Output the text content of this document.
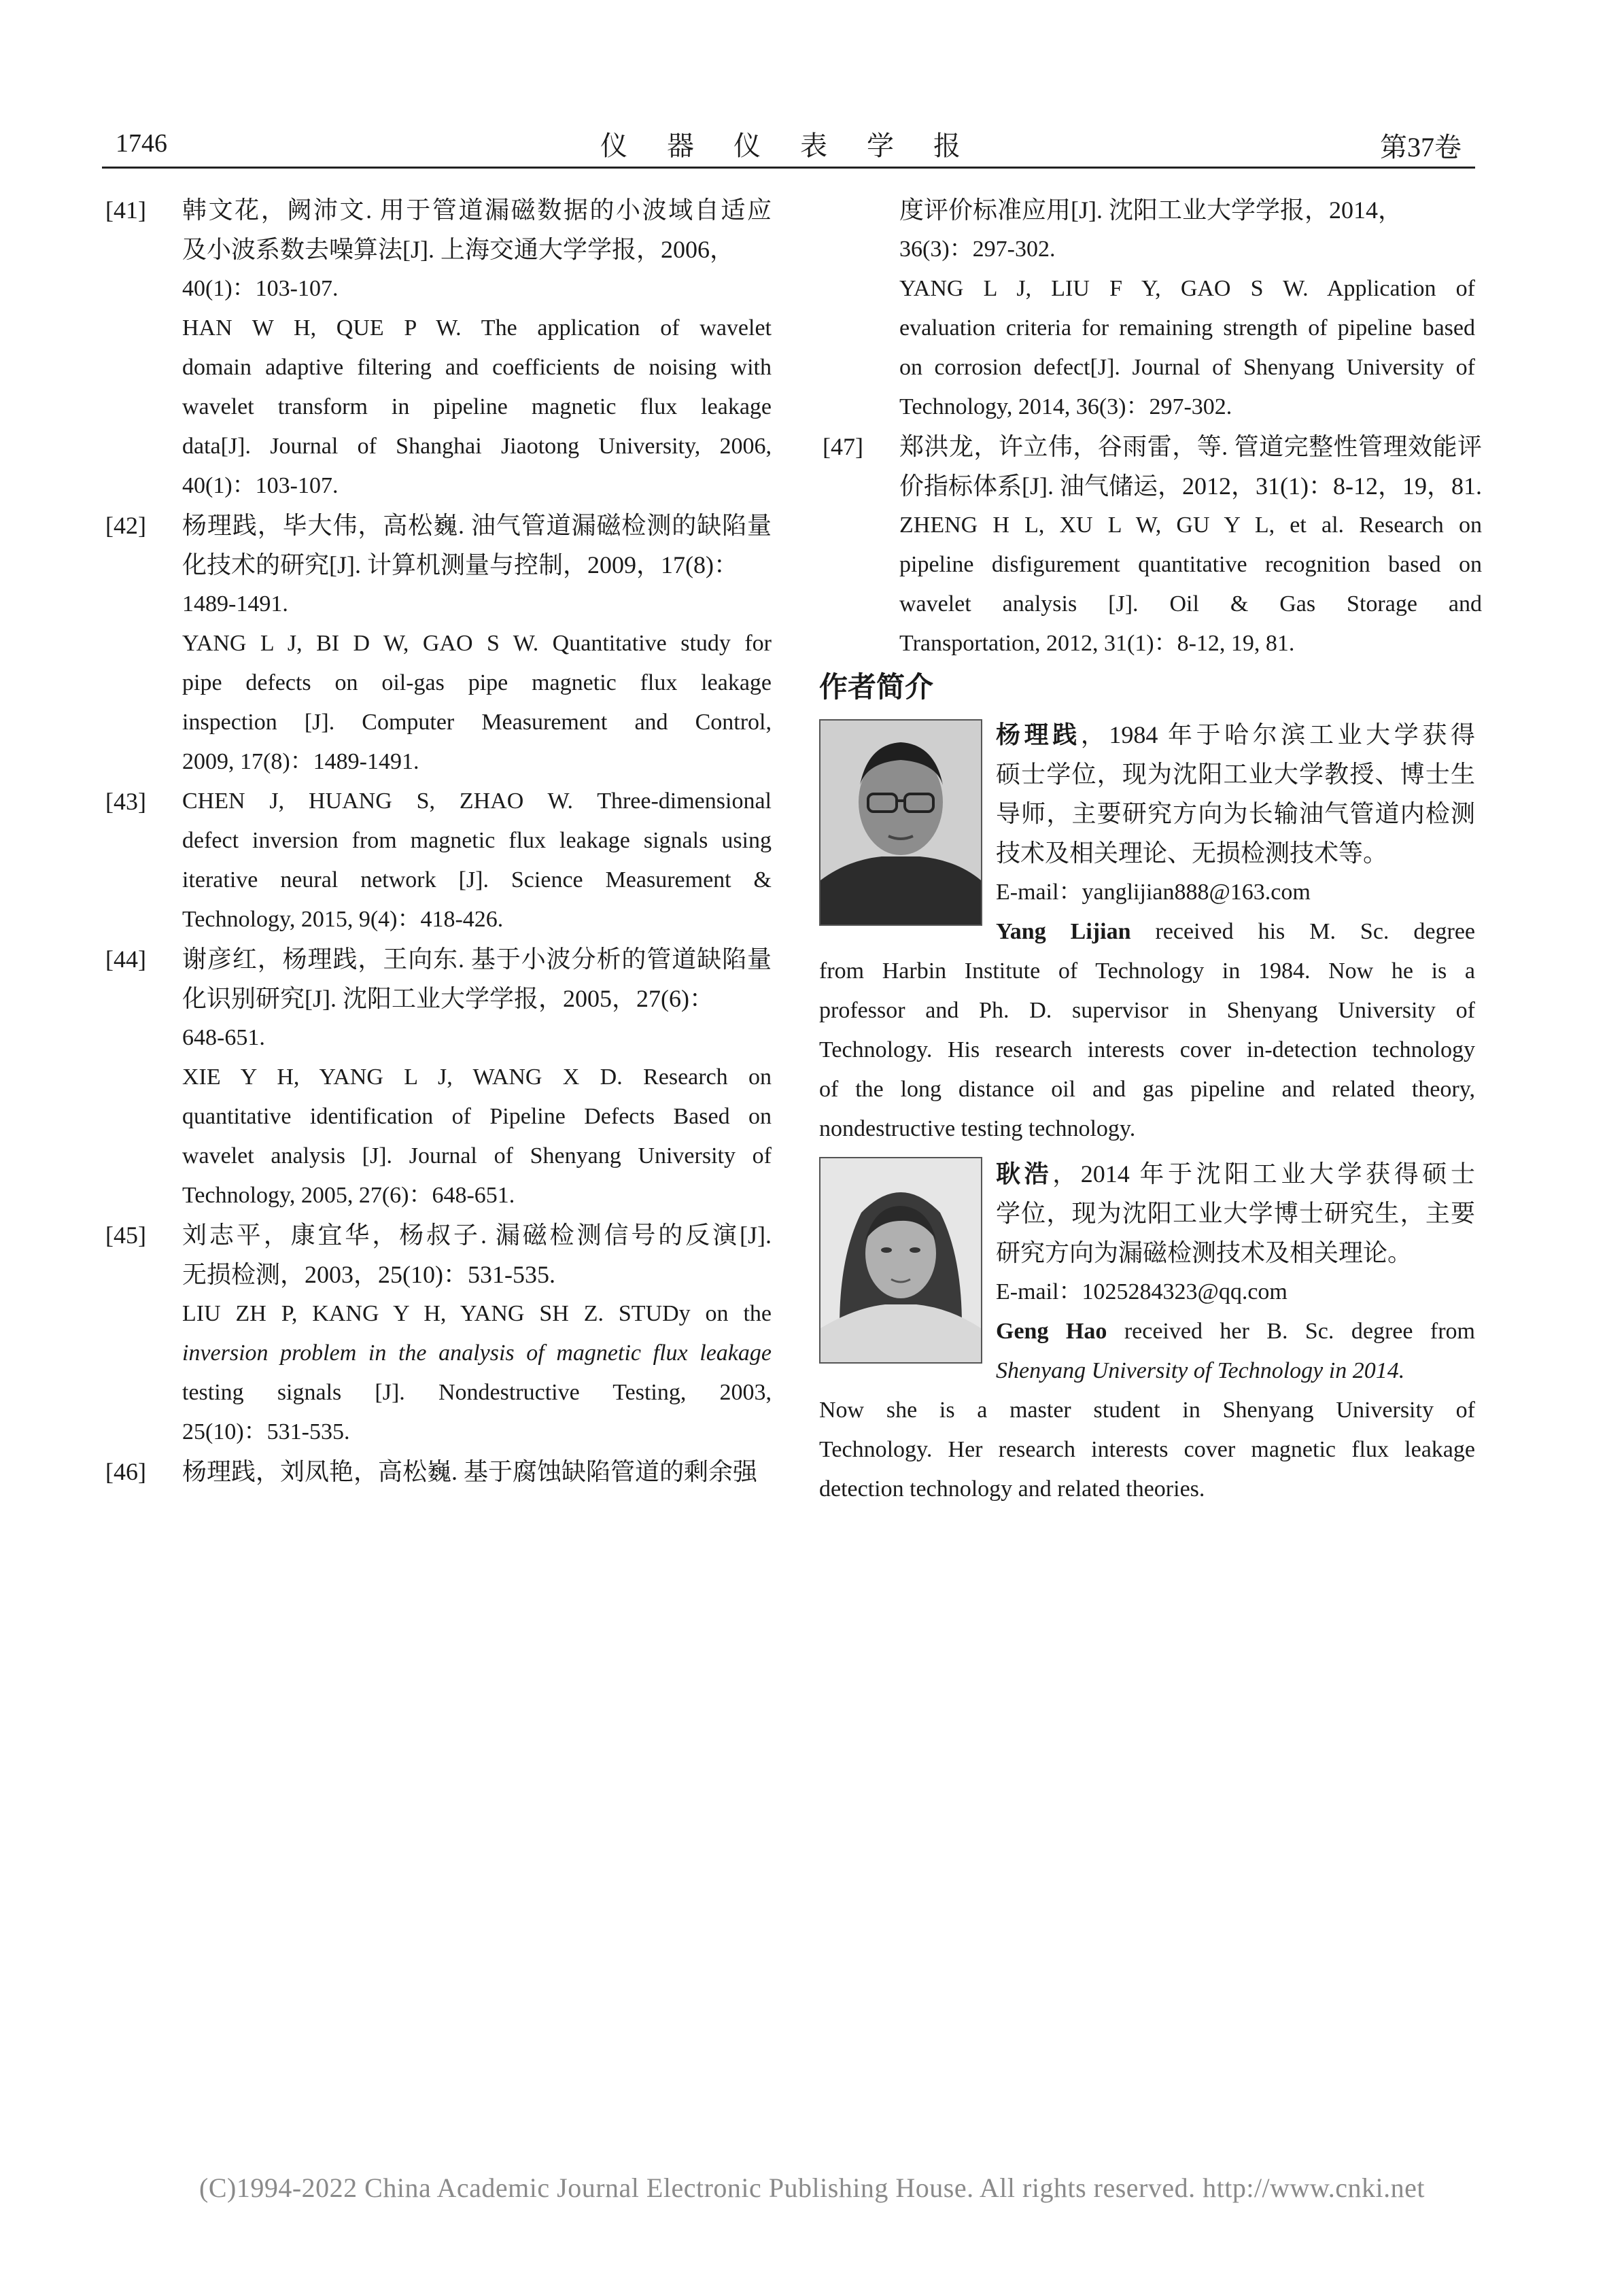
1746	仪 器 仪 表 学 报	第37卷
[41]	韩文花，阙沛文. 用于管道漏磁数据的小波域自适应
及小波系数去噪算法[J]. 上海交通大学学报，2006，
40(1)：103-107.
HAN W H, QUE P W. The application of wavelet
domain adaptive filtering and coefficients de noising with
wavelet transform in pipeline magnetic flux leakage
data[J]. Journal of Shanghai Jiaotong University, 2006,
40(1)：103-107.
[42]	杨理践，毕大伟，高松巍. 油气管道漏磁检测的缺陷量
化技术的研究[J]. 计算机测量与控制，2009，17(8)：
1489-1491.
YANG L J, BI D W, GAO S W. Quantitative study for
pipe defects on oil-gas pipe magnetic flux leakage
inspection [J]. Computer Measurement and Control,
2009, 17(8)：1489-1491.
[43]	CHEN J, HUANG S, ZHAO W. Three-dimensional
defect inversion from magnetic flux leakage signals using
iterative neural network [J]. Science Measurement &
Technology, 2015, 9(4)：418-426.
[44]	谢彦红，杨理践，王向东. 基于小波分析的管道缺陷量
化识别研究[J]. 沈阳工业大学学报，2005，27(6)：
648-651.
XIE Y H, YANG L J, WANG X D. Research on
quantitative identification of Pipeline Defects Based on
wavelet analysis [J]. Journal of Shenyang University of
Technology, 2005, 27(6)：648-651.
[45]	刘志平，康宜华，杨叔子. 漏磁检测信号的反演[J].
无损检测，2003，25(10)：531-535.
LIU ZH P, KANG Y H, YANG SH Z. STUDy on the
inversion problem in the analysis of magnetic flux leakage
testing signals [J]. Nondestructive Testing, 2003,
25(10)：531-535.
[46]	杨理践，刘凤艳，高松巍. 基于腐蚀缺陷管道的剩余强
度评价标准应用[J]. 沈阳工业大学学报，2014，
36(3)：297-302.
YANG L J, LIU F Y, GAO S W. Application of
evaluation criteria for remaining strength of pipeline based
on corrosion defect[J]. Journal of Shenyang University of
Technology, 2014, 36(3)：297-302.
[47]	郑洪龙，许立伟，谷雨雷，等. 管道完整性管理效能评
价指标体系[J]. 油气储运，2012，31(1)：8-12，19，81.
ZHENG H L, XU L W, GU Y L, et al. Research on
pipeline disfigurement quantitative recognition based on
wavelet analysis [J]. Oil & Gas Storage and
Transportation, 2012, 31(1)：8-12, 19, 81.
作者简介
杨理践，1984 年于哈尔滨工业大学获得
硕士学位，现为沈阳工业大学教授、博士生
导师，主要研究方向为长输油气管道内检测
技术及相关理论、无损检测技术等。
E-mail：yanglijian888@163.com
Yang Lijian received his M. Sc. degree
from Harbin Institute of Technology in 1984. Now he is a
professor and Ph. D. supervisor in Shenyang University of
Technology. His research interests cover in-detection technology
of the long distance oil and gas pipeline and related theory,
nondestructive testing technology.
耿浩，2014 年于沈阳工业大学获得硕士
学位，现为沈阳工业大学博士研究生，主要
研究方向为漏磁检测技术及相关理论。
E-mail：1025284323@qq.com
Geng Hao received her B. Sc. degree from
Shenyang University of Technology in 2014.
Now she is a master student in Shenyang University of
Technology. Her research interests cover magnetic flux leakage
detection technology and related theories.
(C)1994-2022 China Academic Journal Electronic Publishing House. All rights reserved. http://www.cnki.net
